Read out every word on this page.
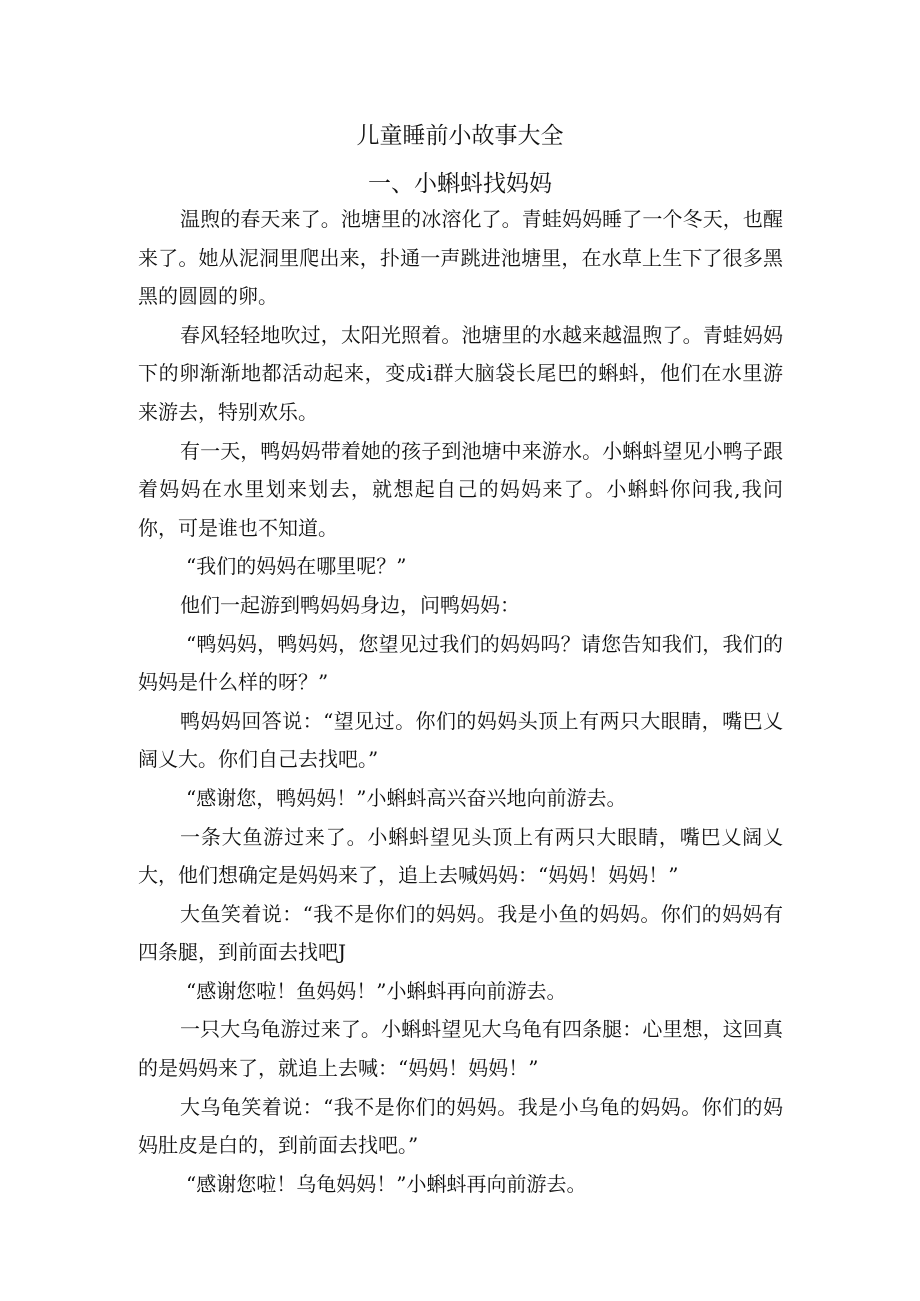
儿童睡前小故事大全
一、小蝌蚪找妈妈

温煦的春天来了。池塘里的冰溶化了。青蛙妈妈睡了一个冬天，也醒来了。她从泥洞里爬出来，扑通一声跳进池塘里，在水草上生下了很多黑黑的圆圆的卵。

春风轻轻地吹过，太阳光照着。池塘里的水越来越温煦了。青蛙妈妈下的卵渐渐地都活动起来，变成i群大脑袋长尾巴的蝌蚪，他们在水里游来游去，特别欢乐。

有一天，鸭妈妈带着她的孩子到池塘中来游水。小蝌蚪望见小鸭子跟着妈妈在水里划来划去，就想起自己的妈妈来了。小蝌蚪你问我,我问你，可是谁也不知道。

“我们的妈妈在哪里呢？”

他们一起游到鸭妈妈身边，问鸭妈妈：

“鸭妈妈，鸭妈妈，您望见过我们的妈妈吗？请您告知我们，我们的妈妈是什么样的呀？”

鸭妈妈回答说：“望见过。你们的妈妈头顶上有两只大眼睛，嘴巴乂阔乂大。你们自己去找吧。”

“感谢您，鸭妈妈！”小蝌蚪高兴奋兴地向前游去。

一条大鱼游过来了。小蝌蚪望见头顶上有两只大眼睛，嘴巴乂阔乂大，他们想确定是妈妈来了，追上去喊妈妈：“妈妈！妈妈！”

大鱼笑着说：“我不是你们的妈妈。我是小鱼的妈妈。你们的妈妈有四条腿，到前面去找吧J

“感谢您啦！鱼妈妈！”小蝌蚪再向前游去。

一只大乌龟游过来了。小蝌蚪望见大乌龟有四条腿：心里想，这回真的是妈妈来了，就追上去喊：“妈妈！妈妈！”

大乌龟笑着说：“我不是你们的妈妈。我是小乌龟的妈妈。你们的妈妈肚皮是白的，到前面去找吧。”

“感谢您啦！乌龟妈妈！”小蝌蚪再向前游去。
